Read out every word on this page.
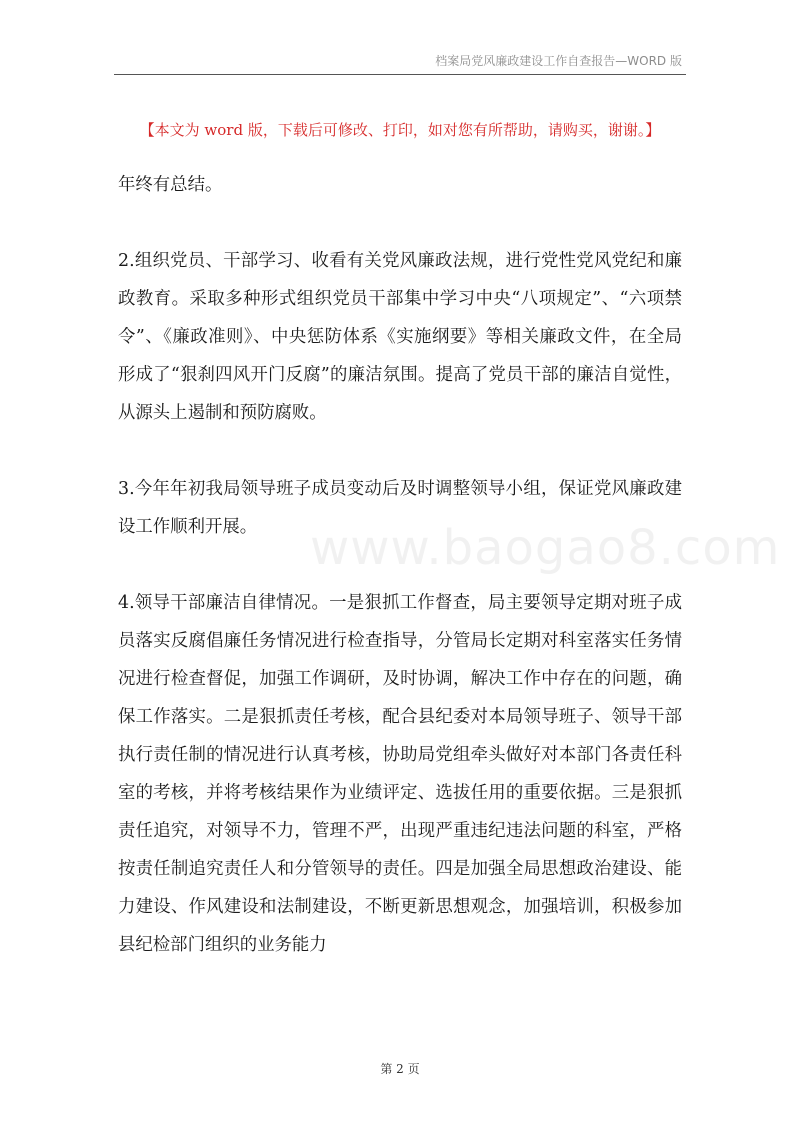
档案局党风廉政建设工作自查报告—WORD 版
【本文为 word 版，下载后可修改、打印，如对您有所帮助，请购买，谢谢。】

年终有总结。

2.组织党员、干部学习、收看有关党风廉政法规，进行党性党风党纪和廉政教育。采取多种形式组织党员干部集中学习中央“八项规定”、“六项禁令”、《廉政准则》、中央惩防体系《实施纲要》等相关廉政文件，在全局形成了“狠刹四风开门反腐”的廉洁氛围。提高了党员干部的廉洁自觉性，从源头上遏制和预防腐败。

3.今年年初我局领导班子成员变动后及时调整领导小组，保证党风廉政建设工作顺利开展。

4.领导干部廉洁自律情况。一是狠抓工作督查，局主要领导定期对班子成员落实反腐倡廉任务情况进行检查指导，分管局长定期对科室落实任务情况进行检查督促，加强工作调研，及时协调，解决工作中存在的问题，确保工作落实。二是狠抓责任考核，配合县纪委对本局领导班子、领导干部执行责任制的情况进行认真考核，协助局党组牵头做好对本部门各责任科室的考核，并将考核结果作为业绩评定、选拔任用的重要依据。三是狠抓责任追究，对领导不力，管理不严，出现严重违纪违法问题的科室，严格按责任制追究责任人和分管领导的责任。四是加强全局思想政治建设、能力建设、作风建设和法制建设，不断更新思想观念，加强培训，积极参加县纪检部门组织的业务能力

www.baogao8.com
第 2 页
